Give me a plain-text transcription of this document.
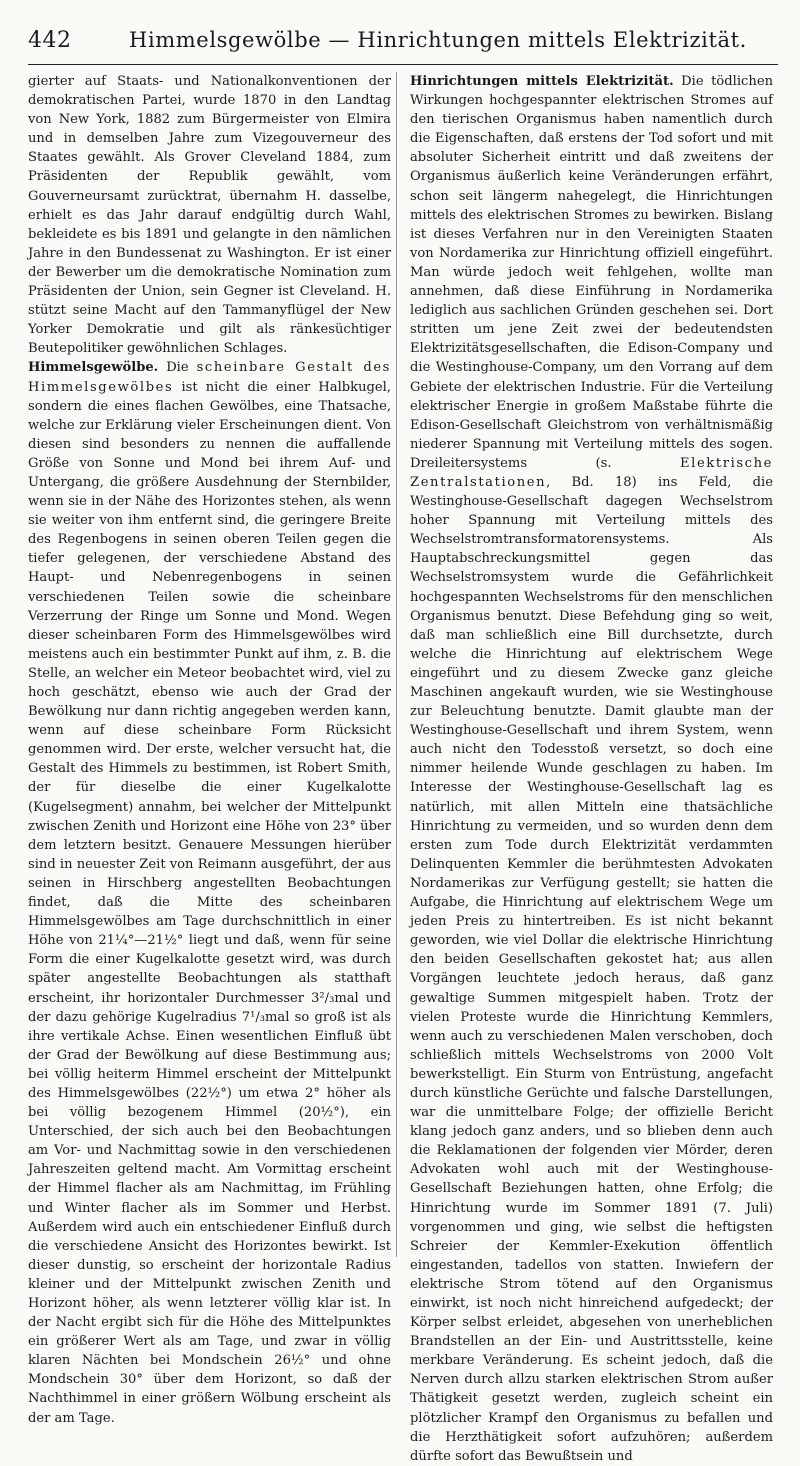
442	Himmelsgewölbe — Hinrichtungen mittels Elektrizität.

gierter auf Staats- und Nationalkonventionen der demokratischen Partei, wurde 1870 in den Landtag von New York, 1882 zum Bürgermeister von Elmira und in demselben Jahre zum Vizegouverneur des Staates gewählt. Als Grover Cleveland 1884, zum Präsidenten der Republik gewählt, vom Gouverneursamt zurücktrat, übernahm H. dasselbe, erhielt es das Jahr darauf endgültig durch Wahl, bekleidete es bis 1891 und gelangte in den nämlichen Jahre in den Bundessenat zu Washington. Er ist einer der Bewerber um die demokratische Nomination zum Präsidenten der Union, sein Gegner ist Cleveland. H. stützt seine Macht auf den Tammanyflügel der New Yorker Demokratie und gilt als ränkesüchtiger Beutepolitiker gewöhnlichen Schlages.

Himmelsgewölbe. Die scheinbare Gestalt des Himmelsgewölbes ist nicht die einer Halbkugel, sondern die eines flachen Gewölbes, eine Thatsache, welche zur Erklärung vieler Erscheinungen dient. Von diesen sind besonders zu nennen die auffallende Größe von Sonne und Mond bei ihrem Auf- und Untergang, die größere Ausdehnung der Sternbilder, wenn sie in der Nähe des Horizontes stehen, als wenn sie weiter von ihm entfernt sind, die geringere Breite des Regenbogens in seinen oberen Teilen gegen die tiefer gelegenen, der verschiedene Abstand des Haupt- und Nebenregenbogens in seinen verschiedenen Teilen sowie die scheinbare Verzerrung der Ringe um Sonne und Mond. Wegen dieser scheinbaren Form des Himmelsgewölbes wird meistens auch ein bestimmter Punkt auf ihm, z. B. die Stelle, an welcher ein Meteor beobachtet wird, viel zu hoch geschätzt, ebenso wie auch der Grad der Bewölkung nur dann richtig angegeben werden kann, wenn auf diese scheinbare Form Rücksicht genommen wird. Der erste, welcher versucht hat, die Gestalt des Himmels zu bestimmen, ist Robert Smith, der für dieselbe die einer Kugelkalotte (Kugelsegment) annahm, bei welcher der Mittelpunkt zwischen Zenith und Horizont eine Höhe von 23° über dem letztern besitzt. Genauere Messungen hierüber sind in neuester Zeit von Reimann ausgeführt, der aus seinen in Hirschberg angestellten Beobachtungen findet, daß die Mitte des scheinbaren Himmelsgewölbes am Tage durchschnittlich in einer Höhe von 21¼°—21½° liegt und daß, wenn für seine Form die einer Kugelkalotte gesetzt wird, was durch später angestellte Beobachtungen als statthaft erscheint, ihr horizontaler Durchmesser 3²/₃mal und der dazu gehörige Kugelradius 7¹/₃mal so groß ist als ihre vertikale Achse. Einen wesentlichen Einfluß übt der Grad der Bewölkung auf diese Bestimmung aus; bei völlig heiterm Himmel erscheint der Mittelpunkt des Himmelsgewölbes (22½°) um etwa 2° höher als bei völlig bezogenem Himmel (20½°), ein Unterschied, der sich auch bei den Beobachtungen am Vor- und Nachmittag sowie in den verschiedenen Jahreszeiten geltend macht. Am Vormittag erscheint der Himmel flacher als am Nachmittag, im Frühling und Winter flacher als im Sommer und Herbst. Außerdem wird auch ein entschiedener Einfluß durch die verschiedene Ansicht des Horizontes bewirkt. Ist dieser dunstig, so erscheint der horizontale Radius kleiner und der Mittelpunkt zwischen Zenith und Horizont höher, als wenn letzterer völlig klar ist. In der Nacht ergibt sich für die Höhe des Mittelpunktes ein größerer Wert als am Tage, und zwar in völlig klaren Nächten bei Mondschein 26½° und ohne Mondschein 30° über dem Horizont, so daß der Nachthimmel in einer größern Wölbung erscheint als der am Tage.

Hinrichtungen mittels Elektrizität. Die tödlichen Wirkungen hochgespannter elektrischen Stromes auf den tierischen Organismus haben namentlich durch die Eigenschaften, daß erstens der Tod sofort und mit absoluter Sicherheit eintritt und daß zweitens der Organismus äußerlich keine Veränderungen erfährt, schon seit längerm nahegelegt, die Hinrichtungen mittels des elektrischen Stromes zu bewirken. Bislang ist dieses Verfahren nur in den Vereinigten Staaten von Nordamerika zur Hinrichtung offiziell eingeführt. Man würde jedoch weit fehlgehen, wollte man annehmen, daß diese Einführung in Nordamerika lediglich aus sachlichen Gründen geschehen sei. Dort stritten um jene Zeit zwei der bedeutendsten Elektrizitätsgesellschaften, die Edison-Company und die Westinghouse-Company, um den Vorrang auf dem Gebiete der elektrischen Industrie. Für die Verteilung elektrischer Energie in großem Maßstabe führte die Edison-Gesellschaft Gleichstrom von verhältnismäßig niederer Spannung mit Verteilung mittels des sogen. Dreileitersystems (s. Elektrische Zentralstationen, Bd. 18) ins Feld, die Westinghouse-Gesellschaft dagegen Wechselstrom hoher Spannung mit Verteilung mittels des Wechselstromtransformatorensystems. Als Hauptabschreckungsmittel gegen das Wechselstromsystem wurde die Gefährlichkeit hochgespannten Wechselstroms für den menschlichen Organismus benutzt. Diese Befehdung ging so weit, daß man schließlich eine Bill durchsetzte, durch welche die Hinrichtung auf elektrischem Wege eingeführt und zu diesem Zwecke ganz gleiche Maschinen angekauft wurden, wie sie Westinghouse zur Beleuchtung benutzte. Damit glaubte man der Westinghouse-Gesellschaft und ihrem System, wenn auch nicht den Todesstoß versetzt, so doch eine nimmer heilende Wunde geschlagen zu haben. Im Interesse der Westinghouse-Gesellschaft lag es natürlich, mit allen Mitteln eine thatsächliche Hinrichtung zu vermeiden, und so wurden denn dem ersten zum Tode durch Elektrizität verdammten Delinquenten Kemmler die berühmtesten Advokaten Nordamerikas zur Verfügung gestellt; sie hatten die Aufgabe, die Hinrichtung auf elektrischem Wege um jeden Preis zu hintertreiben. Es ist nicht bekannt geworden, wie viel Dollar die elektrische Hinrichtung den beiden Gesellschaften gekostet hat; aus allen Vorgängen leuchtete jedoch heraus, daß ganz gewaltige Summen mitgespielt haben. Trotz der vielen Proteste wurde die Hinrichtung Kemmlers, wenn auch zu verschiedenen Malen verschoben, doch schließlich mittels Wechselstroms von 2000 Volt bewerkstelligt. Ein Sturm von Entrüstung, angefacht durch künstliche Gerüchte und falsche Darstellungen, war die unmittelbare Folge; der offizielle Bericht klang jedoch ganz anders, und so blieben denn auch die Reklamationen der folgenden vier Mörder, deren Advokaten wohl auch mit der Westinghouse-Gesellschaft Beziehungen hatten, ohne Erfolg; die Hinrichtung wurde im Sommer 1891 (7. Juli) vorgenommen und ging, wie selbst die heftigsten Schreier der Kemmler-Exekution öffentlich eingestanden, tadellos von statten. Inwiefern der elektrische Strom tötend auf den Organismus einwirkt, ist noch nicht hinreichend aufgedeckt; der Körper selbst erleidet, abgesehen von unerheblichen Brandstellen an der Ein- und Austrittsstelle, keine merkbare Veränderung. Es scheint jedoch, daß die Nerven durch allzu starken elektrischen Strom außer Thätigkeit gesetzt werden, zugleich scheint ein plötzlicher Krampf den Organismus zu befallen und die Herzthätigkeit sofort aufzuhören; außerdem dürfte sofort das Bewußtsein und
